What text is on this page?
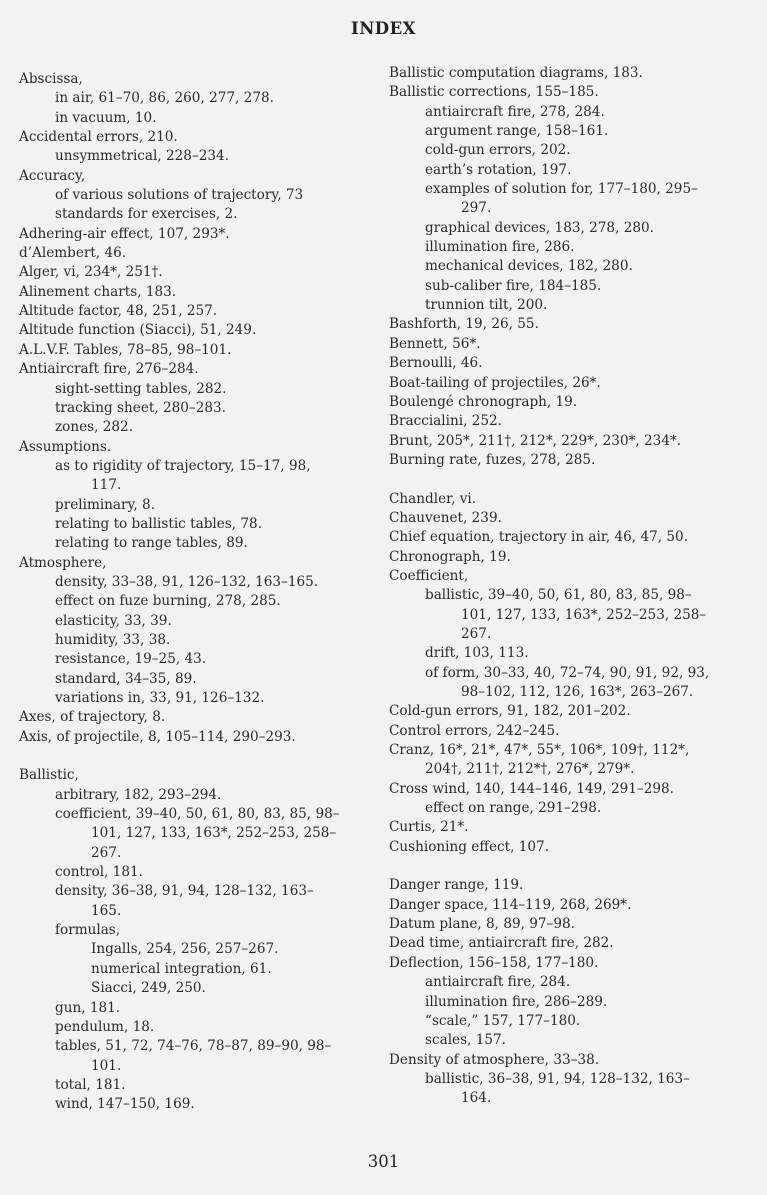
INDEX
Abscissa,
in air, 61–70, 86, 260, 277, 278.
in vacuum, 10.
Accidental errors, 210.
unsymmetrical, 228–234.
Accuracy,
of various solutions of trajectory, 73
standards for exercises, 2.
Adhering-air effect, 107, 293*.
d’Alembert, 46.
Alger, vi, 234*, 251†.
Alinement charts, 183.
Altitude factor, 48, 251, 257.
Altitude function (Siacci), 51, 249.
A.L.V.F. Tables, 78–85, 98–101.
Antiaircraft fire, 276–284.
sight-setting tables, 282.
tracking sheet, 280–283.
zones, 282.
Assumptions.
as to rigidity of trajectory, 15–17, 98,
117.
preliminary, 8.
relating to ballistic tables, 78.
relating to range tables, 89.
Atmosphere,
density, 33–38, 91, 126–132, 163–165.
effect on fuze burning, 278, 285.
elasticity, 33, 39.
humidity, 33, 38.
resistance, 19–25, 43.
standard, 34–35, 89.
variations in, 33, 91, 126–132.
Axes, of trajectory, 8.
Axis, of projectile, 8, 105–114, 290–293.
Ballistic,
arbitrary, 182, 293–294.
coefficient, 39–40, 50, 61, 80, 83, 85, 98–
101, 127, 133, 163*, 252–253, 258–
267.
control, 181.
density, 36–38, 91, 94, 128–132, 163–
165.
formulas,
Ingalls, 254, 256, 257–267.
numerical integration, 61.
Siacci, 249, 250.
gun, 181.
pendulum, 18.
tables, 51, 72, 74–76, 78–87, 89–90, 98–
101.
total, 181.
wind, 147–150, 169.
Ballistic computation diagrams, 183.
Ballistic corrections, 155–185.
antiaircraft fire, 278, 284.
argument range, 158–161.
cold-gun errors, 202.
earth’s rotation, 197.
examples of solution for, 177–180, 295–
297.
graphical devices, 183, 278, 280.
illumination fire, 286.
mechanical devices, 182, 280.
sub-caliber fire, 184–185.
trunnion tilt, 200.
Bashforth, 19, 26, 55.
Bennett, 56*.
Bernoulli, 46.
Boat-tailing of projectiles, 26*.
Boulengé chronograph, 19.
Braccialini, 252.
Brunt, 205*, 211†, 212*, 229*, 230*, 234*.
Burning rate, fuzes, 278, 285.
Chandler, vi.
Chauvenet, 239.
Chief equation, trajectory in air, 46, 47, 50.
Chronograph, 19.
Coefficient,
ballistic, 39–40, 50, 61, 80, 83, 85, 98–
101, 127, 133, 163*, 252–253, 258–
267.
drift, 103, 113.
of form, 30–33, 40, 72–74, 90, 91, 92, 93,
98–102, 112, 126, 163*, 263–267.
Cold-gun errors, 91, 182, 201–202.
Control errors, 242–245.
Cranz, 16*, 21*, 47*, 55*, 106*, 109†, 112*,
204†, 211†, 212*†, 276*, 279*.
Cross wind, 140, 144–146, 149, 291–298.
effect on range, 291–298.
Curtis, 21*.
Cushioning effect, 107.
Danger range, 119.
Danger space, 114–119, 268, 269*.
Datum plane, 8, 89, 97–98.
Dead time, antiaircraft fire, 282.
Deflection, 156–158, 177–180.
antiaircraft fire, 284.
illumination fire, 286–289.
“scale,” 157, 177–180.
scales, 157.
Density of atmosphere, 33–38.
ballistic, 36–38, 91, 94, 128–132, 163–
164.
301
